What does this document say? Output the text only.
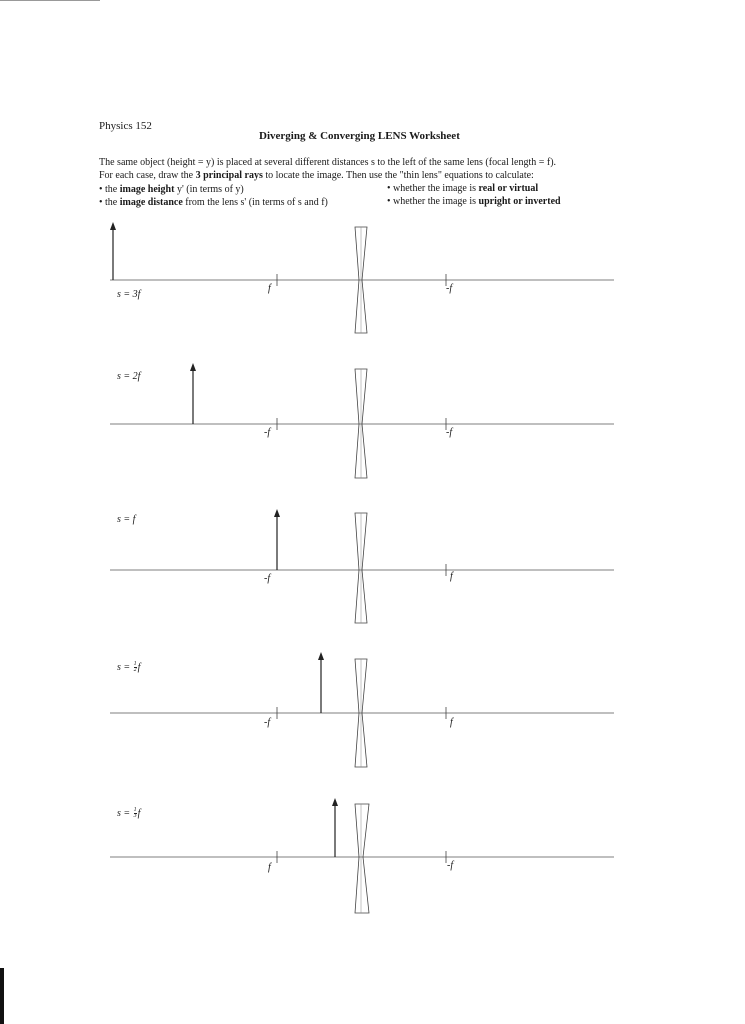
Physics 152
Diverging & Converging LENS Worksheet
The same object (height = y) is placed at several different distances s to the left of the same lens (focal length = f).
For each case, draw the 3 principal rays to locate the image. Then use the "thin lens" equations to calculate:
• the image height y' (in terms of y)
• the image distance from the lens s' (in terms of s and f)
• whether the image is real or virtual
• whether the image is upright or inverted
s = 3f
f	-f
s = 2f
-f	-f
s = f
-f	f
$s = \frac{1}{2}$ f
-f	f
$s = \frac{1}{3}$ f
f	-f
